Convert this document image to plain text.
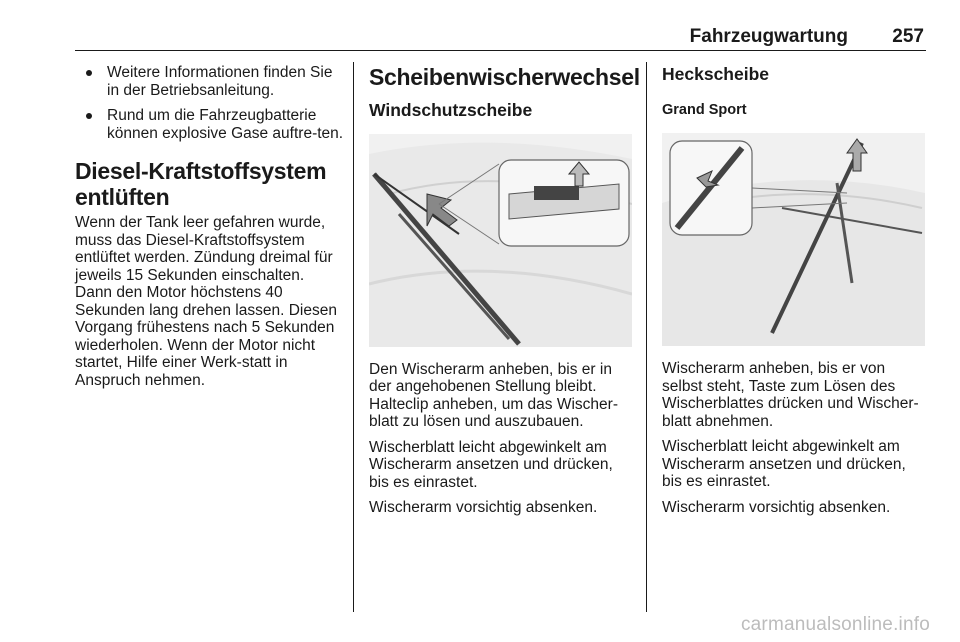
Fahrzeugwartung 257
Weitere Informationen finden Sie in der Betriebsanleitung.
Rund um die Fahrzeugbatterie können explosive Gase auftre-ten.
Diesel-Kraftstoffsystem entlüften

Wenn der Tank leer gefahren wurde, muss das Diesel-Kraftstoffsystem entlüftet werden. Zündung dreimal für jeweils 15 Sekunden einschalten. Dann den Motor höchstens 40 Sekunden lang drehen lassen. Diesen Vorgang frühestens nach 5 Sekunden wiederholen. Wenn der Motor nicht startet, Hilfe einer Werk-statt in Anspruch nehmen.

Scheibenwischerwechsel
Windschutzscheibe

Den Wischerarm anheben, bis er in der angehobenen Stellung bleibt. Halteclip anheben, um das Wischer-blatt zu lösen und auszubauen.

Wischerblatt leicht abgewinkelt am Wischerarm ansetzen und drücken, bis es einrastet.

Wischerarm vorsichtig absenken.

Heckscheibe
Grand Sport

Wischerarm anheben, bis er von selbst steht, Taste zum Lösen des Wischerblattes drücken und Wischer-blatt abnehmen.

Wischerblatt leicht abgewinkelt am Wischerarm ansetzen und drücken, bis es einrastet.

Wischerarm vorsichtig absenken.

carmanualsonline.info
